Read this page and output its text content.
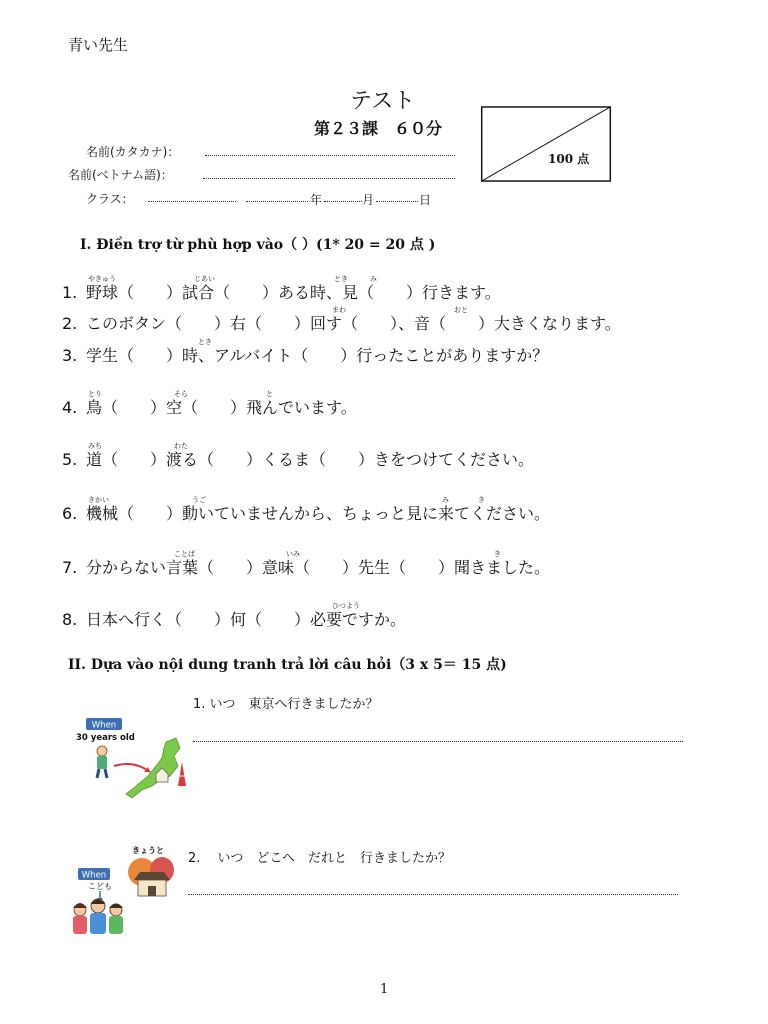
青い先生
テスト
第２３課　６０分
100 点
名前(カタカナ)：
名前(ベトナム語)：
クラス：	年	月	日
I. Điền trợ từ phù hợp vào（ ）(1* 20 = 20 点 )
やきゅう	じあい	とき	み
1. 野球（　　）試合（　　）ある時、見（　　）行きます。
まわ	おと
2. このボタン（　　）右（　　）回す（　　）、音（　　）大きくなります。
とき
3. 学生（　　）時、アルバイト（　　）行ったことがありますか？
とり	そら	と
4. 鳥（　　）空（　　）飛んでいます。
みち	わた
5. 道（　　）渡る（　　）くるま（　　）きをつけてください。
きかい	うご	み	き
6. 機械（　　）動いていませんから、ちょっと見に来てください。
ことば	いみ	き
7. 分からない言葉（　　）意味（　　）先生（　　）聞きました。
ひつよう
8. 日本へ行く（　　）何（　　）必要ですか。
II. Dựa vào nội dung tranh trả lời câu hỏi（3 x 5＝ 15 点)
1. いつ　東京へ行きましたか？
When
30 years old
2.　 いつ　どこへ　だれと　行きましたか？
きょうと
When
こども
1
